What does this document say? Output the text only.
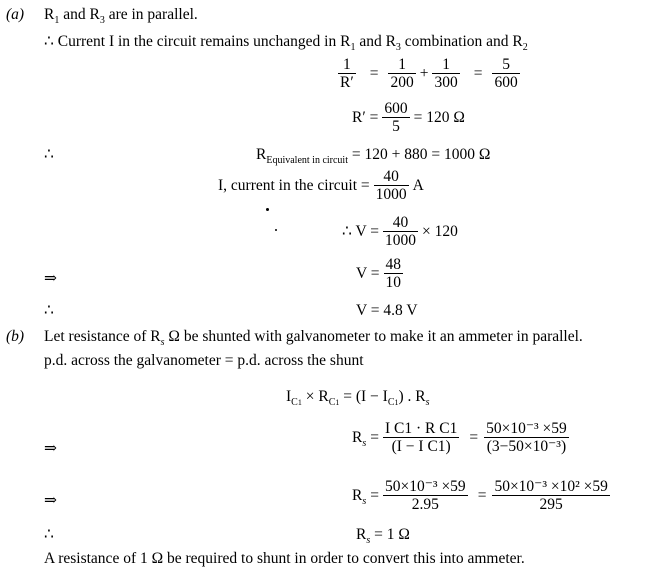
(a) $R_1$ and $R_3$ are in parallel.
∴ Current I in the circuit remains unchanged in $R_1$ and $R_3$ combination and $R_2$
$\frac{1}{R'} = \frac{1}{200} + \frac{1}{300} = \frac{5}{600}$
$R' = \frac{600}{5} = 120$ Ω
∴	$R_{Equivalent in circuit} = 120 + 880 = 1000$ Ω
I, current in the circuit = $\frac{40}{1000}$ A
∴ $V = \frac{40}{1000} \times 120$
⇒	$V = \frac{48}{10}$
∴	V = 4.8 V
(b) Let resistance of $R_s$ Ω be shunted with galvanometer to make it an ammeter in parallel.
p.d. across the galvanometer = p.d. across the shunt
$I_{C1} \times R_{C1} = (I - I_{C1})$ . $R_s$
⇒
$R_s = \frac{\text{I C1 · R C1}}{\text{(I − I C1)}} = \frac{\text{50×10⁻³ ×59}}{\text{(3−50×10⁻³)}}$
⇒	$R_s = \frac{\text{50×10⁻³ ×59}}{2.95} = \frac{\text{50×10⁻³ ×10² ×59}}{295}$
∴	$R_s = 1$ Ω
A resistance of 1 Ω be required to shunt in order to convert this into ammeter.
